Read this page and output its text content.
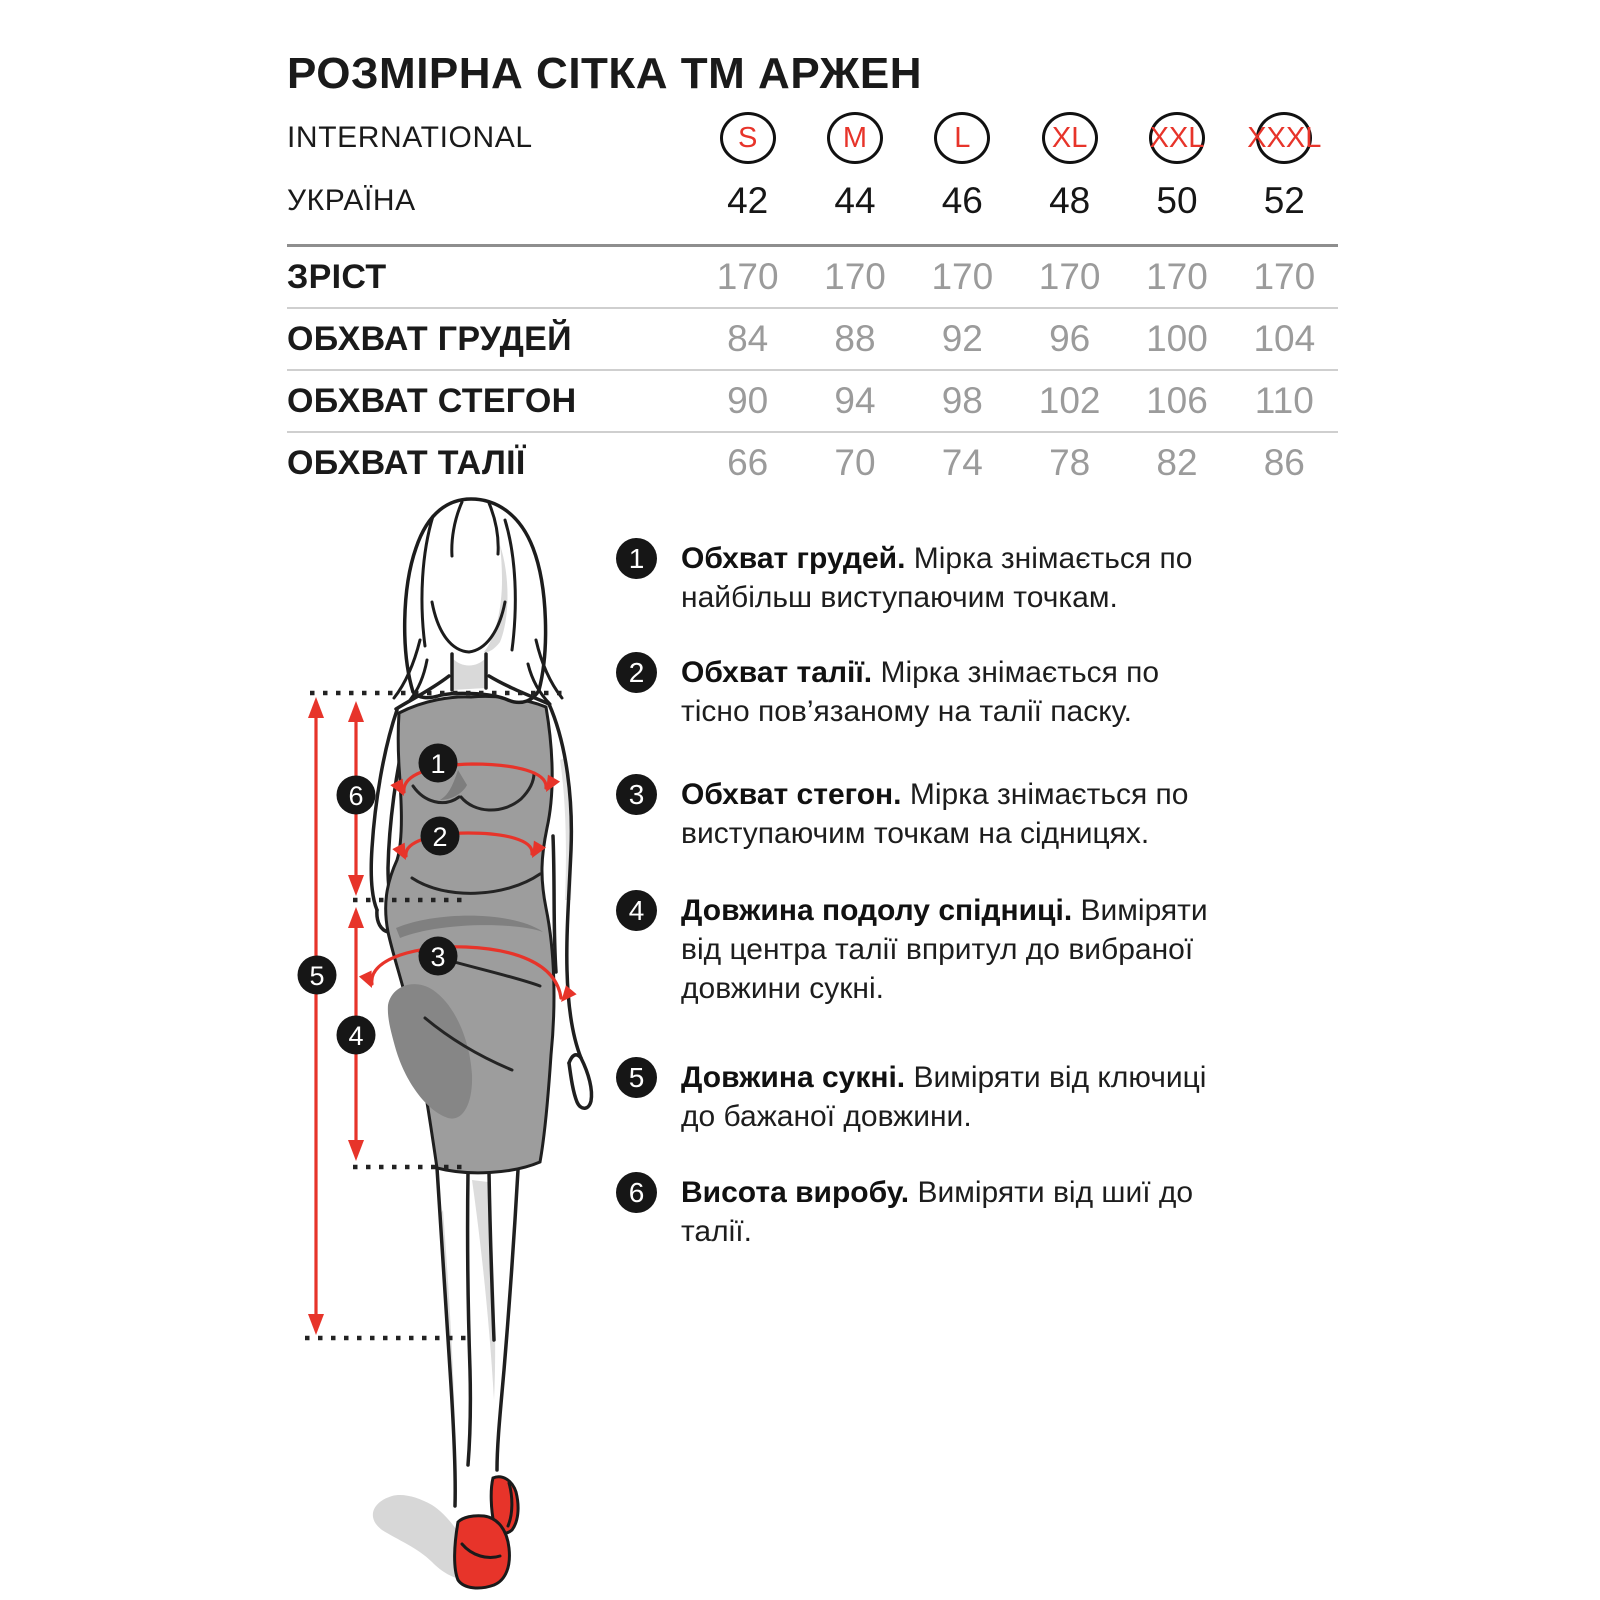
РОЗМІРНА СІТКА ТМ АРЖЕН
INTERNATIONAL	S	M	L	XL XXL XXXL
УКРАЇНА	42	44	46	48	50	52
ЗРІСТ	170	170	170	170	170	170
ОБХВАТ ГРУДЕЙ	84	88	92	96	100	104
ОБХВАТ СТЕГОН	90	94	98	102	106	110
ОБХВАТ ТАЛІЇ	66	70	74	78	82	86
1
2
3
4
5
6
1	Обхват грудей. Мірка знімається по
найбільш виступаючим точкам.
2	Обхват талії. Мірка знімається по
тісно пов’язаному на талії паску.
3	Обхват стегон. Мірка знімається по
виступаючим точкам на сідницях.
4	Довжина подолу спідниці. Виміряти
від центра талії впритул до вибраної
довжини сукні.
5	Довжина сукні. Виміряти від ключиці
до бажаної довжини.
6	Висота виробу. Виміряти від шиї до
талії.
